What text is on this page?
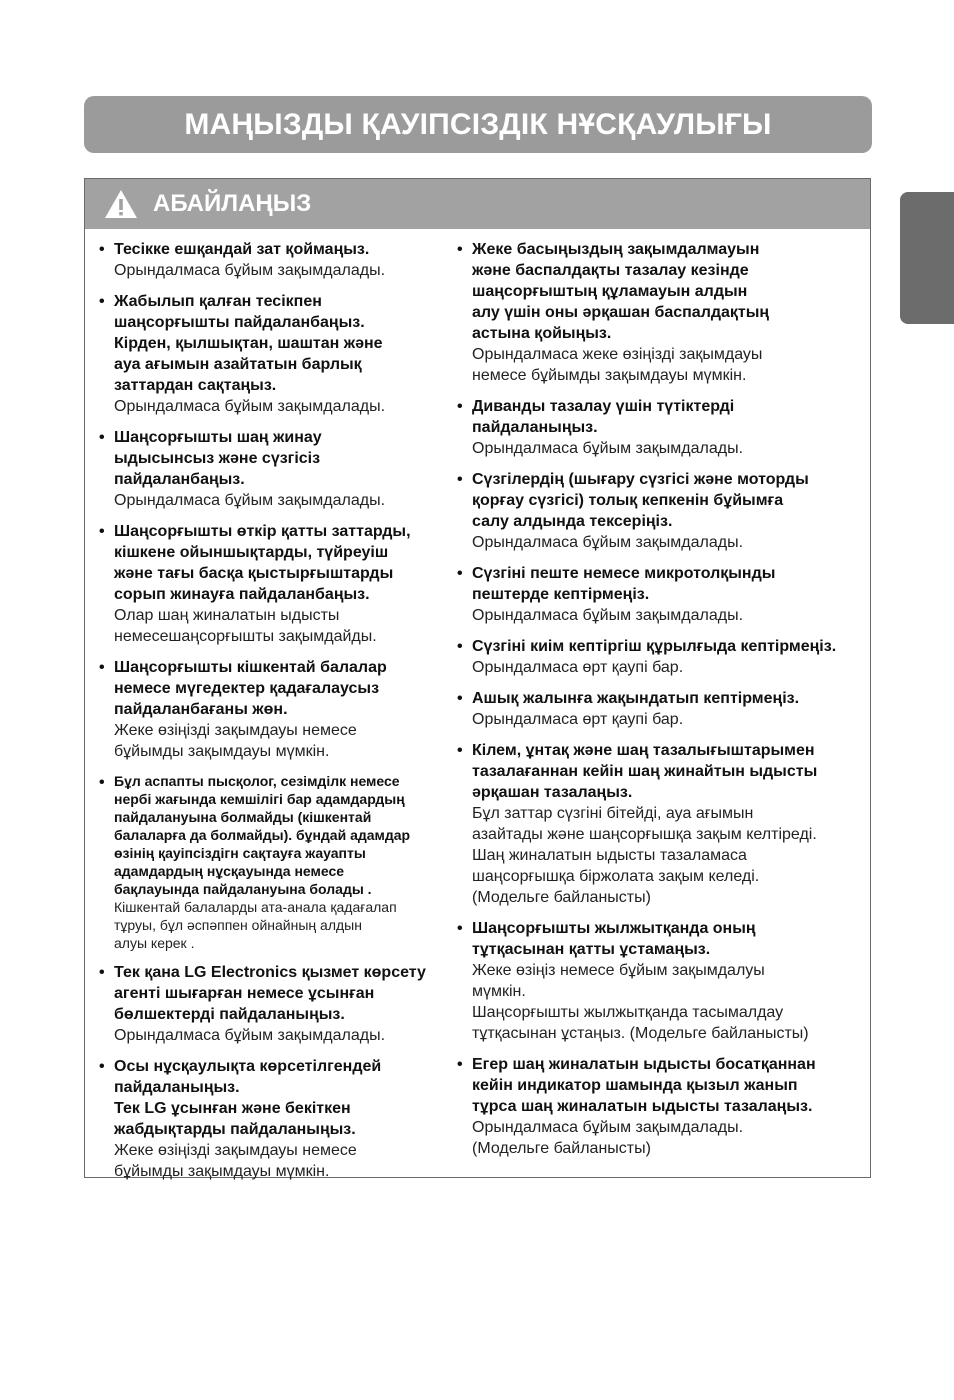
МАҢЫЗДЫ ҚАУІПСІЗДІК НҰСҚАУЛЫҒЫ
АБАЙЛАҢЫЗ
• Тесікке ешқандай зат қоймаңыз.
Орындалмаса бұйым зақымдалады.
• Жабылып қалған тесікпен
шаңсорғышты пайдаланбаңыз.
Кірден, қылшықтан, шаштан және
ауа ағымын азайтатын барлық
заттардан сақтаңыз.
Орындалмаса бұйым зақымдалады.
• Шаңсорғышты шаң жинау
ыдысынсыз және сүзгісіз
пайдаланбаңыз.
Орындалмаса бұйым зақымдалады.
• Шаңсорғышты өткір қатты заттарды,
кішкене ойыншықтарды, түйреуіш
және тағы басқа қыстырғыштарды
сорып жинауға пайдаланбаңыз.
Олар шаң жиналатын ыдысты
немесешаңсорғышты зақымдайды.
• Шаңсорғышты кішкентай балалар
немесе мүгедектер қадағалаусыз
пайдаланбағаны жөн.
Жеке өзіңізді зақымдауы немесе
бұйымды зақымдауы мүмкін.
• Бұл аспапты пысқолог, сезімділк немесе
нербі жағында кемшілігі бар адамдардың
пайдалануына болмайды (кішкентай
балаларға да болмайды). бұндай адамдар
өзінің қауіпсіздігн сақтауға жауапты
адамдардың нұсқауында немесе
бақлауында пайдалануына болады .
Кішкентай балаларды ата-анала қадағалап
тұруы, бұл әспәппен ойнайның алдын
алуы керек .
• Тек қана LG Electronics қызмет көрсету
агенті шығарған немесе ұсынған
бөлшектерді пайдаланыңыз.
Орындалмаса бұйым зақымдалады.
• Осы нұсқаулықта көрсетілгендей
пайдаланыңыз.
Тек LG ұсынған және бекіткен
жабдықтарды пайдаланыңыз.
Жеке өзіңізді зақымдауы немесе
бұйымды зақымдауы мүмкін.
• Жеке басыңыздың зақымдалмауын
және баспалдақты тазалау кезінде
шаңсорғыштың құламауын алдын
алу үшін оны әрқашан баспалдақтың
астына қойыңыз.
Орындалмаса жеке өзіңізді зақымдауы
немесе бұйымды зақымдауы мүмкін.
• Диванды тазалау үшін түтіктерді
пайдаланыңыз.
Орындалмаса бұйым зақымдалады.
• Сүзгілердің (шығару сүзгісі және моторды
қорғау сүзгісі) толық кепкенін бұйымға
салу алдында тексеріңіз.
Орындалмаса бұйым зақымдалады.
• Сүзгіні пеште немесе микротолқынды
пештерде кептірмеңіз.
Орындалмаса бұйым зақымдалады.
• Сүзгіні киім кептіргіш құрылғыда кептірмеңіз.
Орындалмаса өрт қаупі бар.
• Ашық жалынға жақындатып кептірмеңіз.
Орындалмаса өрт қаупі бар.
• Кілем, ұнтақ және шаң тазалығыштарымен
тазалағаннан кейін шаң жинайтын ыдысты
әрқашан тазалаңыз.
Бұл заттар сүзгіні бітейді, ауа ағымын
азайтады және шаңсорғышқа зақым келтіреді.
Шаң жиналатын ыдысты тазаламаса
шаңсорғышқа біржолата зақым келеді.
(Модельге байланысты)
• Шаңсорғышты жылжытқанда оның
тұтқасынан қатты ұстамаңыз.
Жеке өзіңіз немесе бұйым зақымдалуы
мүмкін.
Шаңсорғышты жылжытқанда тасымалдау
тұтқасынан ұстаңыз. (Модельге байланысты)
• Егер шаң жиналатын ыдысты босатқаннан
кейін индикатор шамында қызыл жанып
тұрса шаң жиналатын ыдысты тазалаңыз.
Орындалмаса бұйым зақымдалады.
(Модельге байланысты)
